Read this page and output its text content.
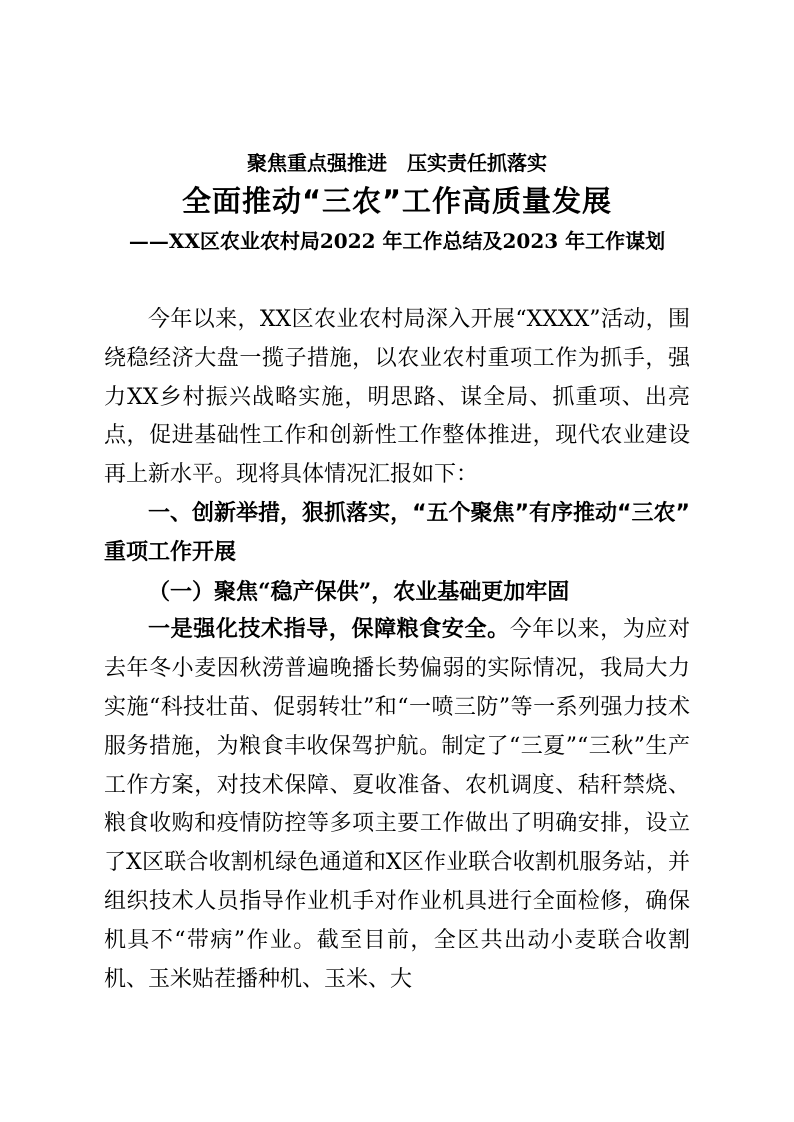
聚焦重点强推进　压实责任抓落实
全面推动“三农”工作高质量发展
——XX区农业农村局2022 年工作总结及2023 年工作谋划

今年以来，XX区农业农村局深入开展“XXXX”活动，围绕稳经济大盘一揽子措施，以农业农村重项工作为抓手，强力XX乡村振兴战略实施，明思路、谋全局、抓重项、出亮点，促进基础性工作和创新性工作整体推进，现代农业建设再上新水平。现将具体情况汇报如下：

一、创新举措，狠抓落实，“五个聚焦”有序推动“三农”重项工作开展

（一）聚焦“稳产保供”，农业基础更加牢固

一是强化技术指导，保障粮食安全。今年以来，为应对去年冬小麦因秋涝普遍晚播长势偏弱的实际情况，我局大力实施“科技壮苗、促弱转壮”和“一喷三防”等一系列强力技术服务措施，为粮食丰收保驾护航。制定了“三夏”“三秋”生产工作方案，对技术保障、夏收准备、农机调度、秸秆禁烧、粮食收购和疫情防控等多项主要工作做出了明确安排，设立了X区联合收割机绿色通道和X区作业联合收割机服务站，并组织技术人员指导作业机手对作业机具进行全面检修，确保机具不“带病”作业。截至目前，全区共出动小麦联合收割机、玉米贴茬播种机、玉米、大
